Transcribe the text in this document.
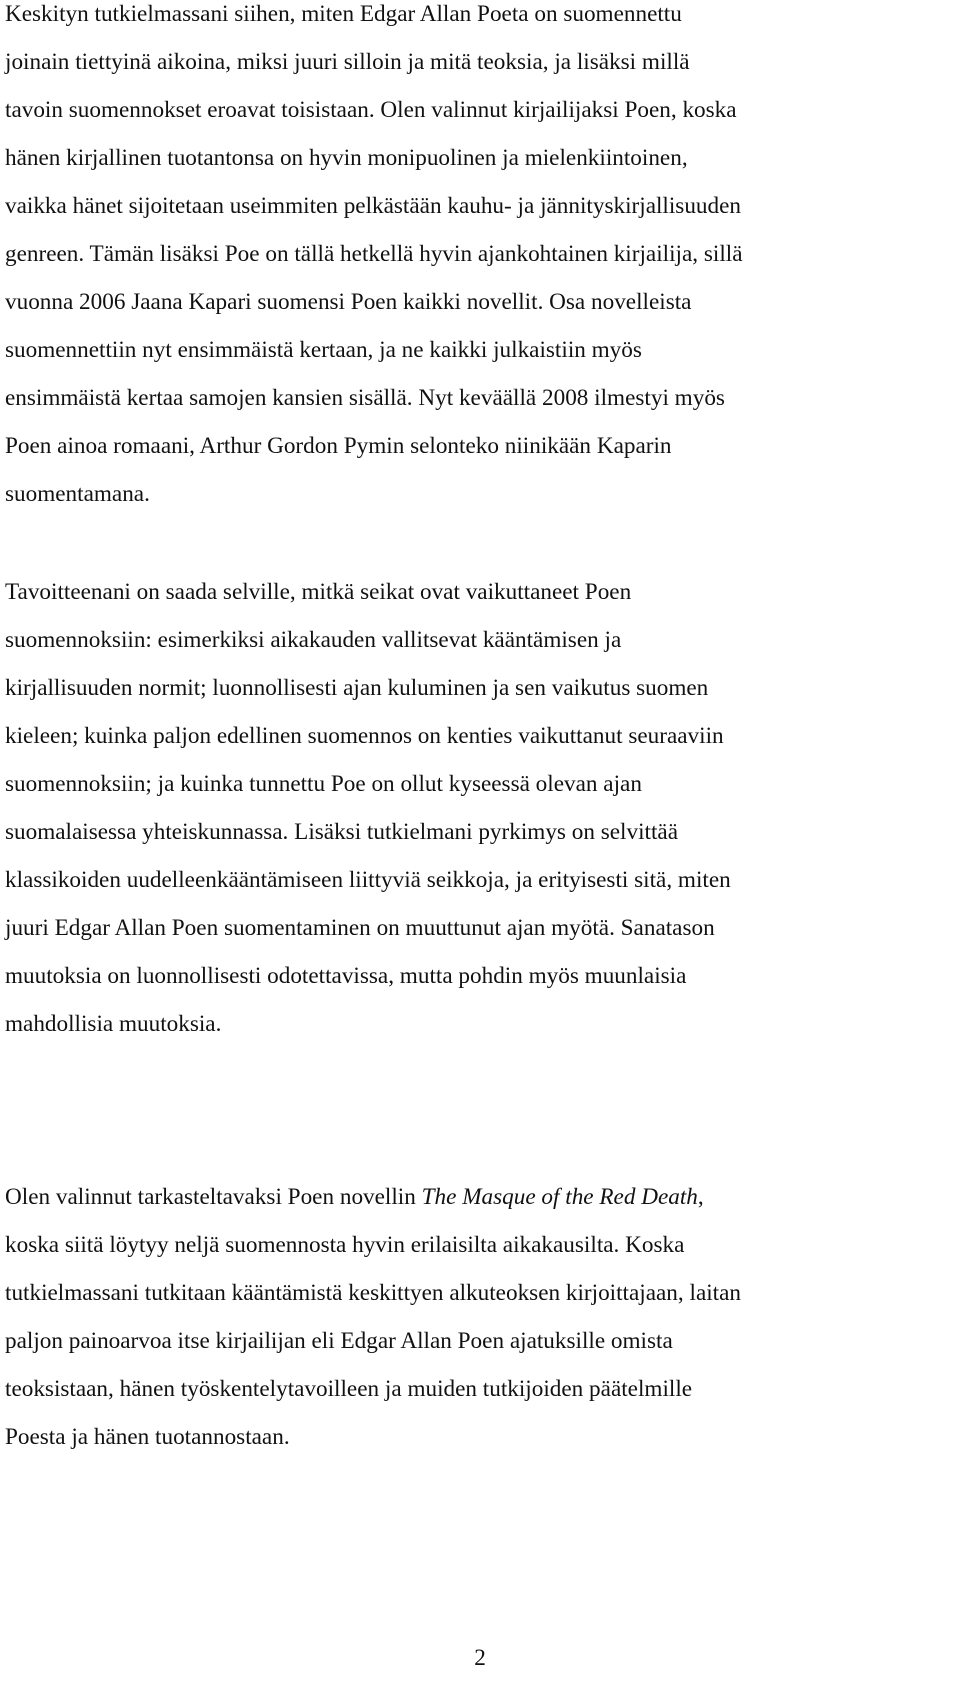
Keskityn tutkielmassani siihen, miten Edgar Allan Poeta on suomennettu
joinain tiettyinä aikoina, miksi juuri silloin ja mitä teoksia, ja lisäksi millä
tavoin suomennokset eroavat toisistaan. Olen valinnut kirjailijaksi Poen, koska
hänen kirjallinen tuotantonsa on hyvin monipuolinen ja mielenkiintoinen,
vaikka hänet sijoitetaan useimmiten pelkästään kauhu- ja jännityskirjallisuuden
genreen. Tämän lisäksi Poe on tällä hetkellä hyvin ajankohtainen kirjailija, sillä
vuonna 2006 Jaana Kapari suomensi Poen kaikki novellit. Osa novelleista
suomennettiin nyt ensimmäistä kertaan, ja ne kaikki julkaistiin myös
ensimmäistä kertaa samojen kansien sisällä. Nyt keväällä 2008 ilmestyi myös
Poen ainoa romaani, Arthur Gordon Pymin selonteko niinikään Kaparin
suomentamana.
Tavoitteenani on saada selville, mitkä seikat ovat vaikuttaneet Poen
suomennoksiin: esimerkiksi aikakauden vallitsevat kääntämisen ja
kirjallisuuden normit; luonnollisesti ajan kuluminen ja sen vaikutus suomen
kieleen; kuinka paljon edellinen suomennos on kenties vaikuttanut seuraaviin
suomennoksiin; ja kuinka tunnettu Poe on ollut kyseessä olevan ajan
suomalaisessa yhteiskunnassa. Lisäksi tutkielmani pyrkimys on selvittää
klassikoiden uudelleenkääntämiseen liittyviä seikkoja, ja erityisesti sitä, miten
juuri Edgar Allan Poen suomentaminen on muuttunut ajan myötä. Sanatason
muutoksia on luonnollisesti odotettavissa, mutta pohdin myös muunlaisia
mahdollisia muutoksia.
Olen valinnut tarkasteltavaksi Poen novellin The Masque of the Red Death,
koska siitä löytyy neljä suomennosta hyvin erilaisilta aikakausilta. Koska
tutkielmassani tutkitaan kääntämistä keskittyen alkuteoksen kirjoittajaan, laitan
paljon painoarvoa itse kirjailijan eli Edgar Allan Poen ajatuksille omista
teoksistaan, hänen työskentelytavoilleen ja muiden tutkijoiden päätelmille
Poesta ja hänen tuotannostaan.
2
